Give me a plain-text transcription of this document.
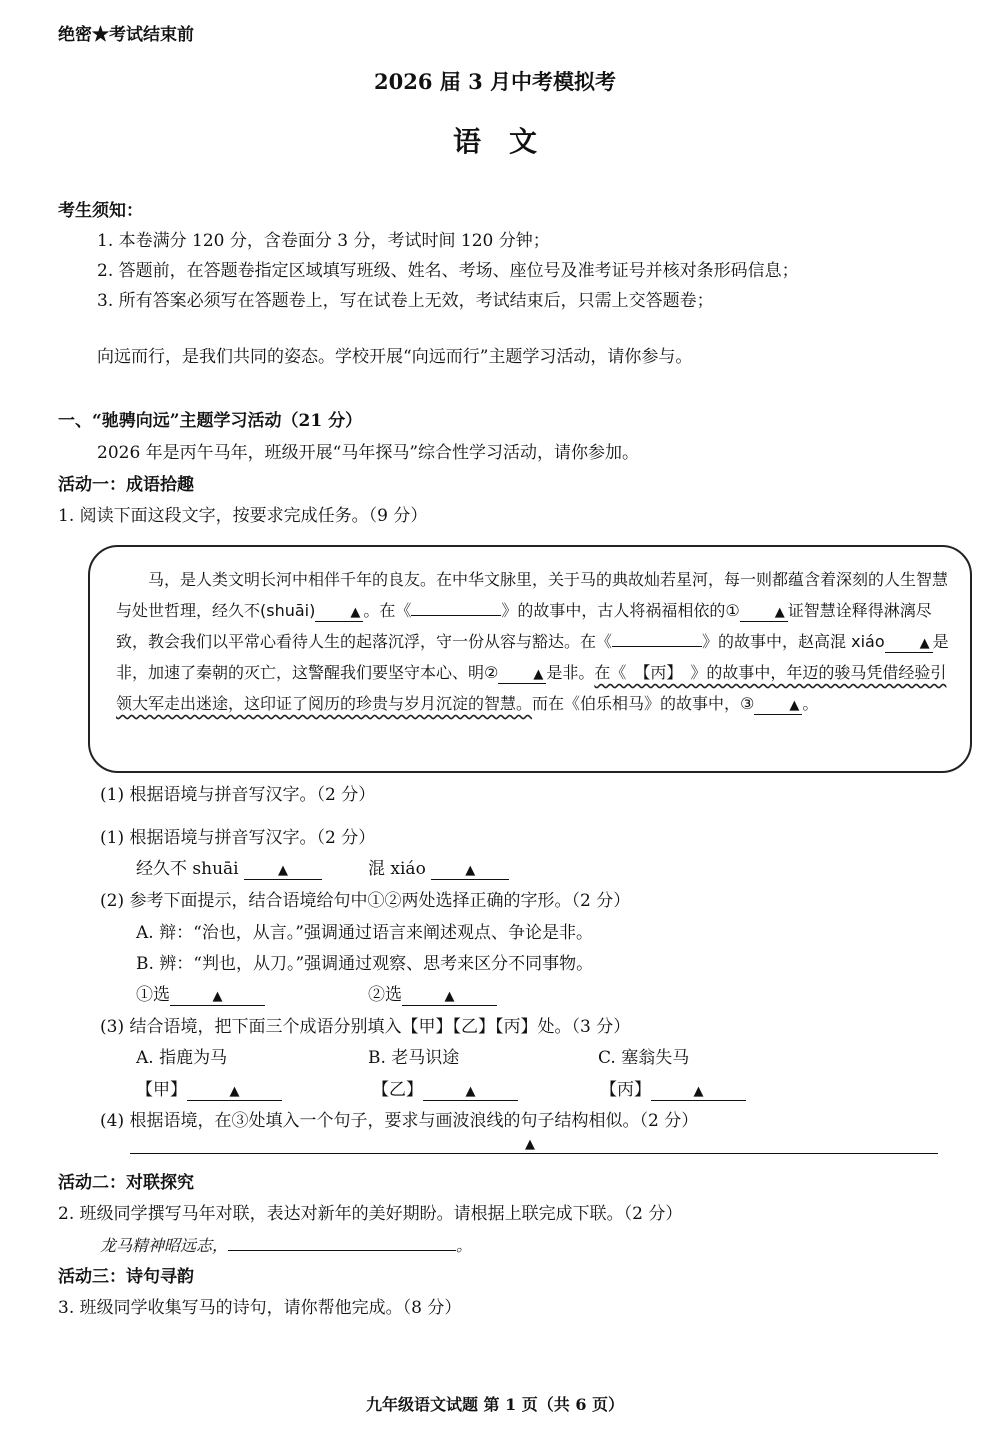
绝密★考试结束前
2026 届 3 月中考模拟考
语　文
考生须知：
1. 本卷满分 120 分，含卷面分 3 分，考试时间 120 分钟；
2. 答题前，在答题卷指定区域填写班级、姓名、考场、座位号及准考证号并核对条形码信息；
3. 所有答案必须写在答题卷上，写在试卷上无效，考试结束后，只需上交答题卷；
向远而行，是我们共同的姿态。学校开展“向远而行”主题学习活动，请你参与。
一、“驰骋向远”主题学习活动（21 分）
2026 年是丙午马年，班级开展“马年探马”综合性学习活动，请你参加。
活动一：成语拾趣
1. 阅读下面这段文字，按要求完成任务。（9 分）
马，是人类文明长河中相伴千年的良友。在中华文脉里，关于马的典故灿若星河，每一则都蕴含着深刻的人生智慧与处世哲理，经久不(shuāi)	▲ 。在《	》的故事中，古人将祸福相依的①	▲ 证智慧诠释得淋漓尽致，教会我们以平常心看待人生的起落沉浮，守一份从容与豁达。在《	》的故事中，赵高混 xiáo	▲ 是非，加速了秦朝的灭亡，这警醒我们要坚守本心、明②	▲ 是非。在《　【丙】　》的故事中，年迈的骏马凭借经验引领大军走出迷途，这印证了阅历的珍贵与岁月沉淀的智慧。而在《伯乐相马》的故事中，③	▲ 。
(1) 根据语境与拼音写汉字。（2 分）
(1) 根据语境与拼音写汉字。（2 分）
经久不 shuāi	▲	混 xiáo	▲
(2) 参考下面提示，结合语境给句中①②两处选择正确的字形。（2 分）
A. 辩：“治也，从言。”强调通过语言来阐述观点、争论是非。
B. 辨：“判也，从刀。”强调通过观察、思考来区分不同事物。
①选	▲	②选	▲
(3) 结合语境，把下面三个成语分别填入【甲】【乙】【丙】处。（3 分）
A. 指鹿为马	B. 老马识途	C. 塞翁失马
【甲】	▲	【乙】	▲	【丙】	▲
(4) 根据语境，在③处填入一个句子，要求与画波浪线的句子结构相似。（2 分）
▲
活动二：对联探究
2. 班级同学撰写马年对联，表达对新年的美好期盼。请根据上联完成下联。（2 分）
龙马精神昭远志，	。
活动三：诗句寻韵
3. 班级同学收集写马的诗句，请你帮他完成。（8 分）
九年级语文试题 第 1 页（共 6 页）
